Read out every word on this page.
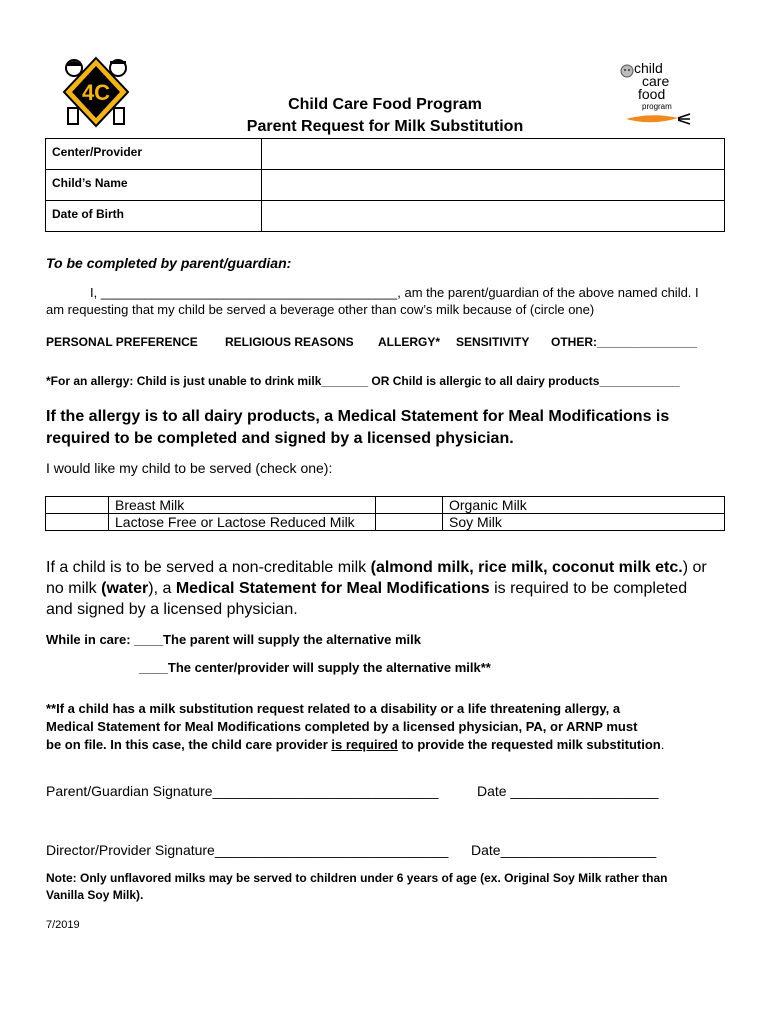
4C
child
care
food
program
Child Care Food Program
Parent Request for Milk Substitution
Center/Provider	
Child’s Name	
Date of Birth	
To be completed by parent/guardian:
I, _________________________________________, am the parent/guardian of the above named child. I
am requesting that my child be served a beverage other than cow’s milk because of (circle one)
PERSONAL PREFERENCE RELIGIOUS REASONS ALLERGY* SENSITIVITY OTHER:_______________
*For an allergy: Child is just unable to drink milk_______ OR Child is allergic to all dairy products____________
If the allergy is to all dairy products, a Medical Statement for Meal Modifications is
required to be completed and signed by a licensed physician.
I would like my child to be served (check one):
	Breast Milk		Organic Milk
	Lactose Free or Lactose Reduced Milk		Soy Milk
If a child is to be served a non-creditable milk (almond milk, rice milk, coconut milk etc.) or
no milk (water), a Medical Statement for Meal Modifications is required to be completed
and signed by a licensed physician.
While in care: ____The parent will supply the alternative milk
____The center/provider will supply the alternative milk**
**If a child has a milk substitution request related to a disability or a life threatening allergy, a
Medical Statement for Meal Modifications completed by a licensed physician, PA, or ARNP must
be on file. In this case, the child care provider is required to provide the requested milk substitution.
Parent/Guardian Signature_____________________________	Date ___________________
Director/Provider Signature______________________________ Date____________________
Note: Only unflavored milks may be served to children under 6 years of age (ex. Original Soy Milk rather than
Vanilla Soy Milk).
7/2019
